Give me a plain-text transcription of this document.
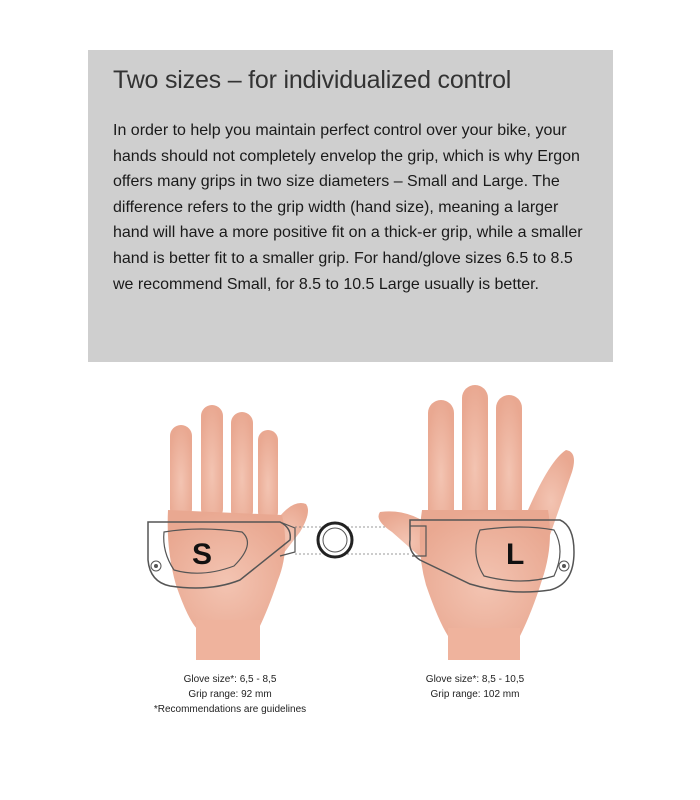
Two sizes – for individualized control

In order to help you maintain perfect control over your bike, your hands should not completely envelop the grip, which is why Ergon offers many grips in two size diameters – Small and Large. The difference refers to the grip width (hand size), meaning a larger hand will have a more positive fit on a thick-er grip, while a smaller hand is better fit to a smaller grip. For hand/glove sizes 6.5 to 8.5 we recommend Small, for 8.5 to 10.5 Large usually is better.

S	L
Glove size*: 6,5 - 8,5
Grip range: 92 mm
*Recommendations are guidelines
Glove size*: 8,5 - 10,5
Grip range: 102 mm
